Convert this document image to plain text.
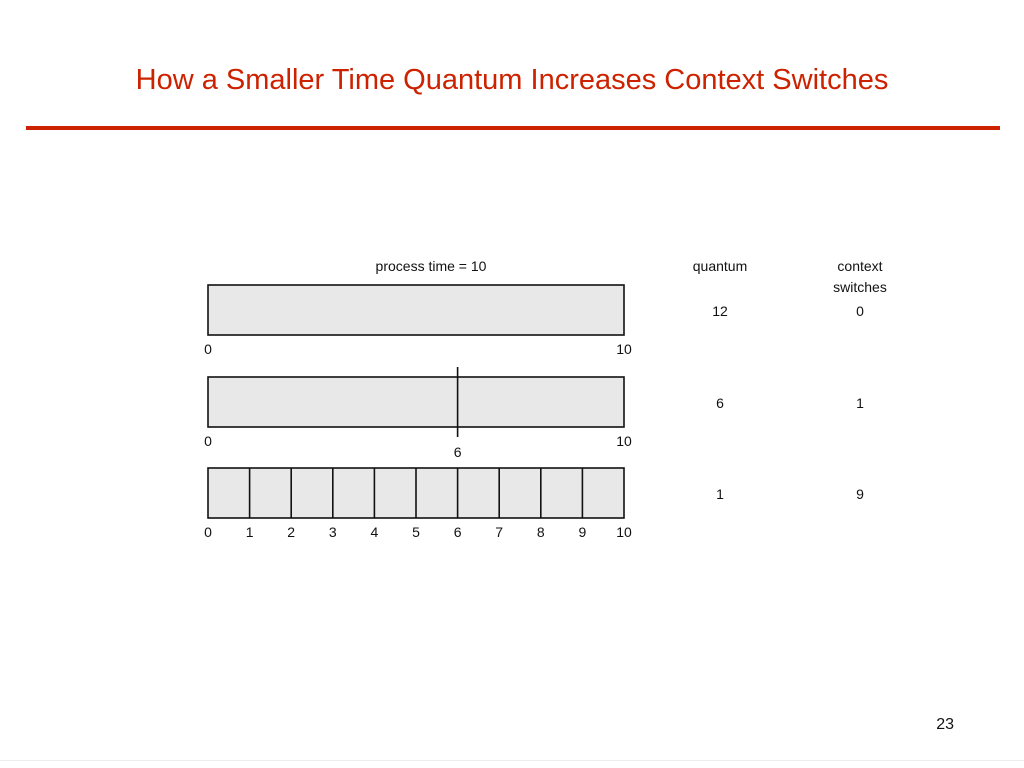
How a Smaller Time Quantum Increases Context Switches
process time = 10	quantum	context
switches
0	10
12	0
0
6
10
6	1
0 1 2 3 4 5 6 7 8 9 10
1	9
23
